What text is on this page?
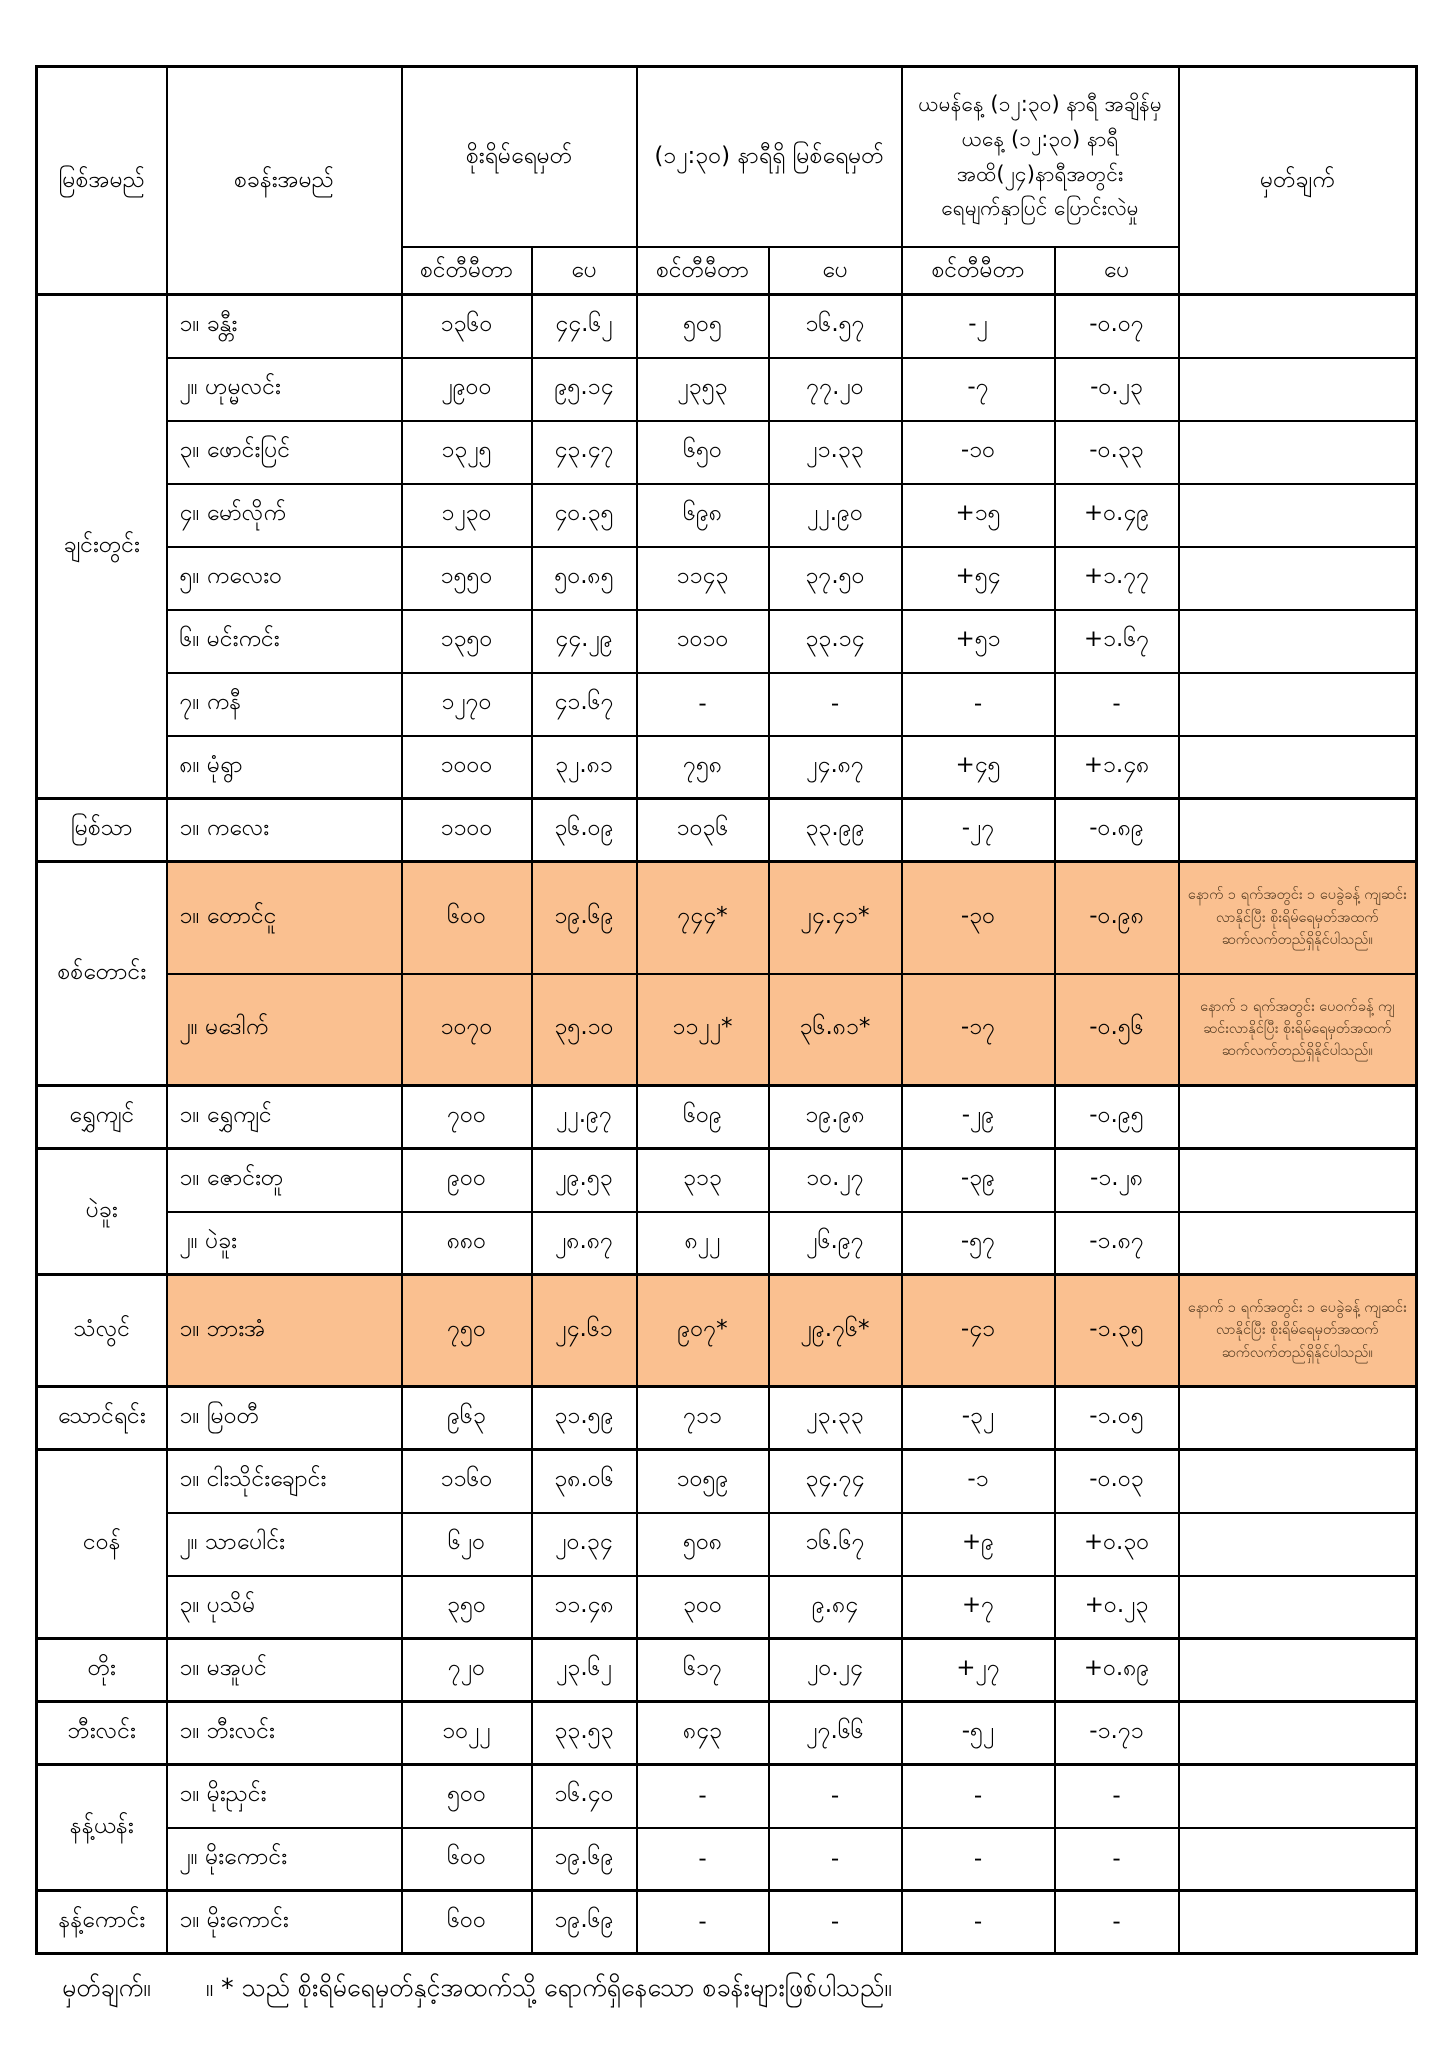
မြစ်အမည်	စခန်းအမည်	စိုးရိမ်ရေမှတ်		(၁၂:၃၀) နာရီရှိ မြစ်ရေမှတ်		ယမန်နေ့ (၁၂:၃၀) နာရီ အချိန်မှ ယနေ့ (၁၂:၃၀) နာရီအထိ(၂၄)နာရီအတွင်း ရေမျက်နှာပြင် ပြောင်းလဲမှု		မှတ်ချက်
		စင်တီမီတာ	ပေ	စင်တီမီတာ	ပေ	စင်တီမီတာ	ပေ	
ချင်းတွင်း	၁။ ခန္တီး	၁၃၆၀	၄၄.၆၂	၅၀၅	၁၆.၅၇	-၂	-၀.၀၇	
	၂။ ဟုမ္မလင်း	၂၉၀၀	၉၅.၁၄	၂၃၅၃	၇၇.၂၀	-၇	-၀.၂၃	
	၃။ ဖောင်းပြင်	၁၃၂၅	၄၃.၄၇	၆၅၀	၂၁.၃၃	-၁၀	-၀.၃၃	
	၄။ မော်လိုက်	၁၂၃၀	၄၀.၃၅	၆၉၈	၂၂.၉၀	+၁၅	+၀.၄၉	
	၅။ ကလေးဝ	၁၅၅၀	၅၀.၈၅	၁၁၄၃	၃၇.၅၀	+၅၄	+၁.၇၇	
	၆။ မင်းကင်း	၁၃၅၀	၄၄.၂၉	၁၀၁၀	၃၃.၁၄	+၅၁	+၁.၆၇	
	၇။ ကနီ	၁၂၇၀	၄၁.၆၇	-	-	-	-	
	၈။ မုံရွာ	၁၀၀၀	၃၂.၈၁	၇၅၈	၂၄.၈၇	+၄၅	+၁.၄၈	
မြစ်သာ	၁။ ကလေး	၁၁၀၀	၃၆.၀၉	၁၀၃၆	၃၃.၉၉	-၂၇	-၀.၈၉	
စစ်တောင်း	၁။ တောင်ငူ	၆၀၀	၁၉.၆၉	၇၄၄*	၂၄.၄၁*	-၃၀	-၀.၉၈	နောက် ၁ ရက်အတွင်း ၁ ပေခွဲခန့် ကျဆင်းလာနိုင်ပြီး စိုးရိမ်ရေမှတ်အထက် ဆက်လက်တည်ရှိနိုင်ပါသည်။
	၂။ မဒေါက်	၁၀၇၀	၃၅.၁၀	၁၁၂၂*	၃၆.၈၁*	-၁၇	-၀.၅၆	နောက် ၁ ရက်အတွင်း ပေဝက်ခန့် ကျဆင်းလာနိုင်ပြီး စိုးရိမ်ရေမှတ်အထက် ဆက်လက်တည်ရှိနိုင်ပါသည်။
ရွှေကျင်	၁။ ရွှေကျင်	၇၀၀	၂၂.၉၇	၆၀၉	၁၉.၉၈	-၂၉	-၀.၉၅	
ပဲခူး	၁။ ဇောင်းတူ	၉၀၀	၂၉.၅၃	၃၁၃	၁၀.၂၇	-၃၉	-၁.၂၈	
	၂။ ပဲခူး	၈၈၀	၂၈.၈၇	၈၂၂	၂၆.၉၇	-၅၇	-၁.၈၇	
သံလွင်	၁။ ဘားအံ	၇၅၀	၂၄.၆၁	၉၀၇*	၂၉.၇၆*	-၄၁	-၁.၃၅	နောက် ၁ ရက်အတွင်း ၁ ပေခွဲခန့် ကျဆင်းလာနိုင်ပြီး စိုးရိမ်ရေမှတ်အထက် ဆက်လက်တည်ရှိနိုင်ပါသည်။
သောင်ရင်း	၁။ မြဝတီ	၉၆၃	၃၁.၅၉	၇၁၁	၂၃.၃၃	-၃၂	-၁.၀၅	
ငဝန်	၁။ ငါးသိုင်းချောင်း	၁၁၆၀	၃၈.၀၆	၁၀၅၉	၃၄.၇၄	-၁	-၀.၀၃	
	၂။ သာပေါင်း	၆၂၀	၂၀.၃၄	၅၀၈	၁၆.၆၇	+၉	+၀.၃၀	
	၃။ ပုသိမ်	၃၅၀	၁၁.၄၈	၃၀၀	၉.၈၄	+၇	+၀.၂၃	
တိုး	၁။ မအူပင်	၇၂၀	၂၃.၆၂	၆၁၇	၂၀.၂၄	+၂၇	+၀.၈၉	
ဘီးလင်း	၁။ ဘီးလင်း	၁၀၂၂	၃၃.၅၃	၈၄၃	၂၇.၆၆	-၅၂	-၁.၇၁	
နန့်ယန်း	၁။ မိုးညှင်း	၅၀၀	၁၆.၄၀	-	-	-	-	
	၂။ မိုးကောင်း	၆၀၀	၁၉.၆၉	-	-	-	-	
နန့်ကောင်း	၁။ မိုးကောင်း	၆၀၀	၁၉.၆၉	-	-	-	-	
မှတ်ချက်။ ။ * သည် စိုးရိမ်ရေမှတ်နှင့်အထက်သို့ ရောက်ရှိနေသော စခန်းများဖြစ်ပါသည်။
